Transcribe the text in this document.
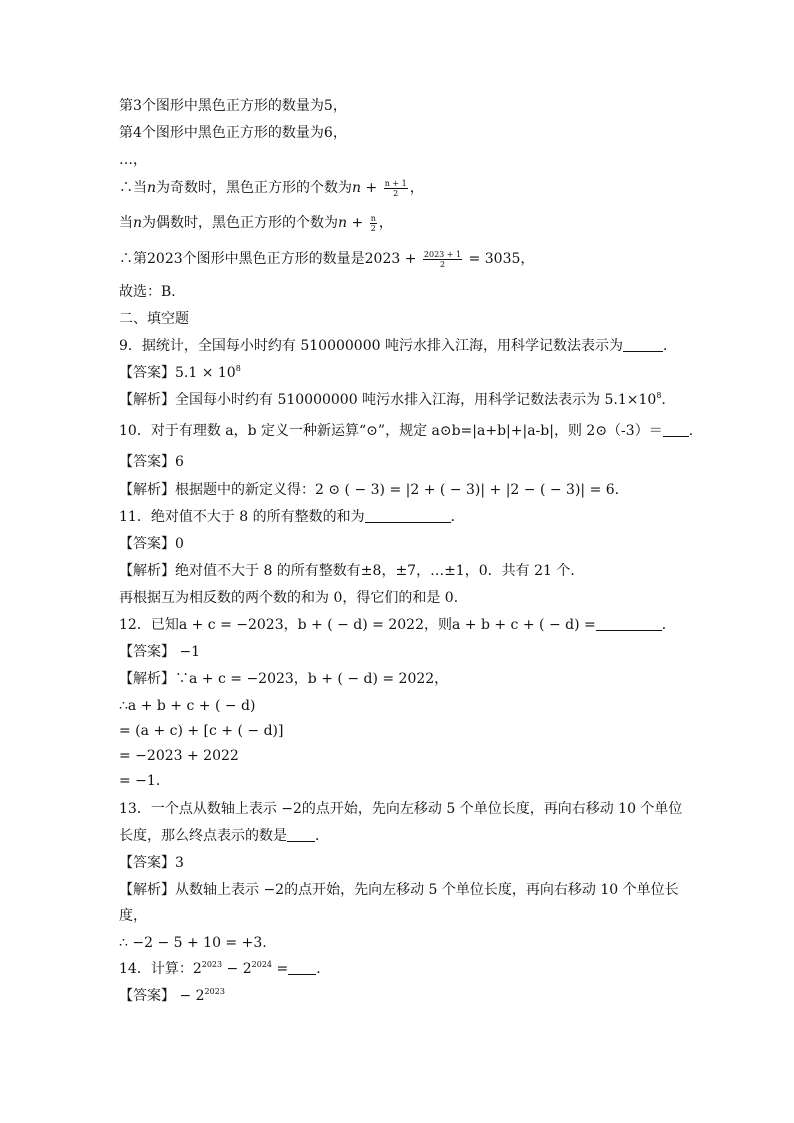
第3个图形中黑色正方形的数量为5，
第4个图形中黑色正方形的数量为6，
…，
∴当n为奇数时，黑色正方形的个数为$n + \frac{n + 1}{2}$ ，
当n为偶数时，黑色正方形的个数为$n + \frac{n}{2}$ ，
∴第2023个图形中黑色正方形的数量是$2023 + \frac{2023 + 1}{2} = 3035$，
故选：B．
二、填空题
9．据统计，全国每小时约有 510000000 吨污水排入江海，用科学记数法表示为	．
【答案】$5.1 \times 10^8$
【解析】全国每小时约有 510000000 吨污水排入江海，用科学记数法表示为 $5.1\times 10^8$.
10．对于有理数 a，b 定义一种新运算“⊙”，规定 a⊙b=|a+b|+|a-b|，则 2⊙（-3）＝ .
【答案】6
【解析】根据题中的新定义得：2 ⊙ ( − 3) = |2 + ( − 3)| + |2 − ( − 3)| = 6.
11．绝对值不大于 8 的所有整数的和为	．
【答案】0
【解析】绝对值不大于 8 的所有整数有±8，±7，…±1，0．共有 21 个．
再根据互为相反数的两个数的和为 0，得它们的和是 0．
12．已知a + c = −2023，b + ( − d) = 2022，则a + b + c + ( − d) =	．
【答案】 −1
【解析】∵a + c = −2023，b + ( − d) = 2022，
∴a + b + c + ( − d)
= (a + c) + [c + ( − d)]
= −2023 + 2022
= −1．
13．一个点从数轴上表示 −2的点开始，先向左移动 5 个单位长度，再向右移动 10 个单位
长度，那么终点表示的数是 ．
【答案】3
【解析】从数轴上表示 −2的点开始，先向左移动 5 个单位长度，再向右移动 10 个单位长
度，
∴ −2 − 5 + 10 = +3.
14．计算：$2^{2023} - 2^{2024}$ = ．
【答案】 − $2^{2023}$
